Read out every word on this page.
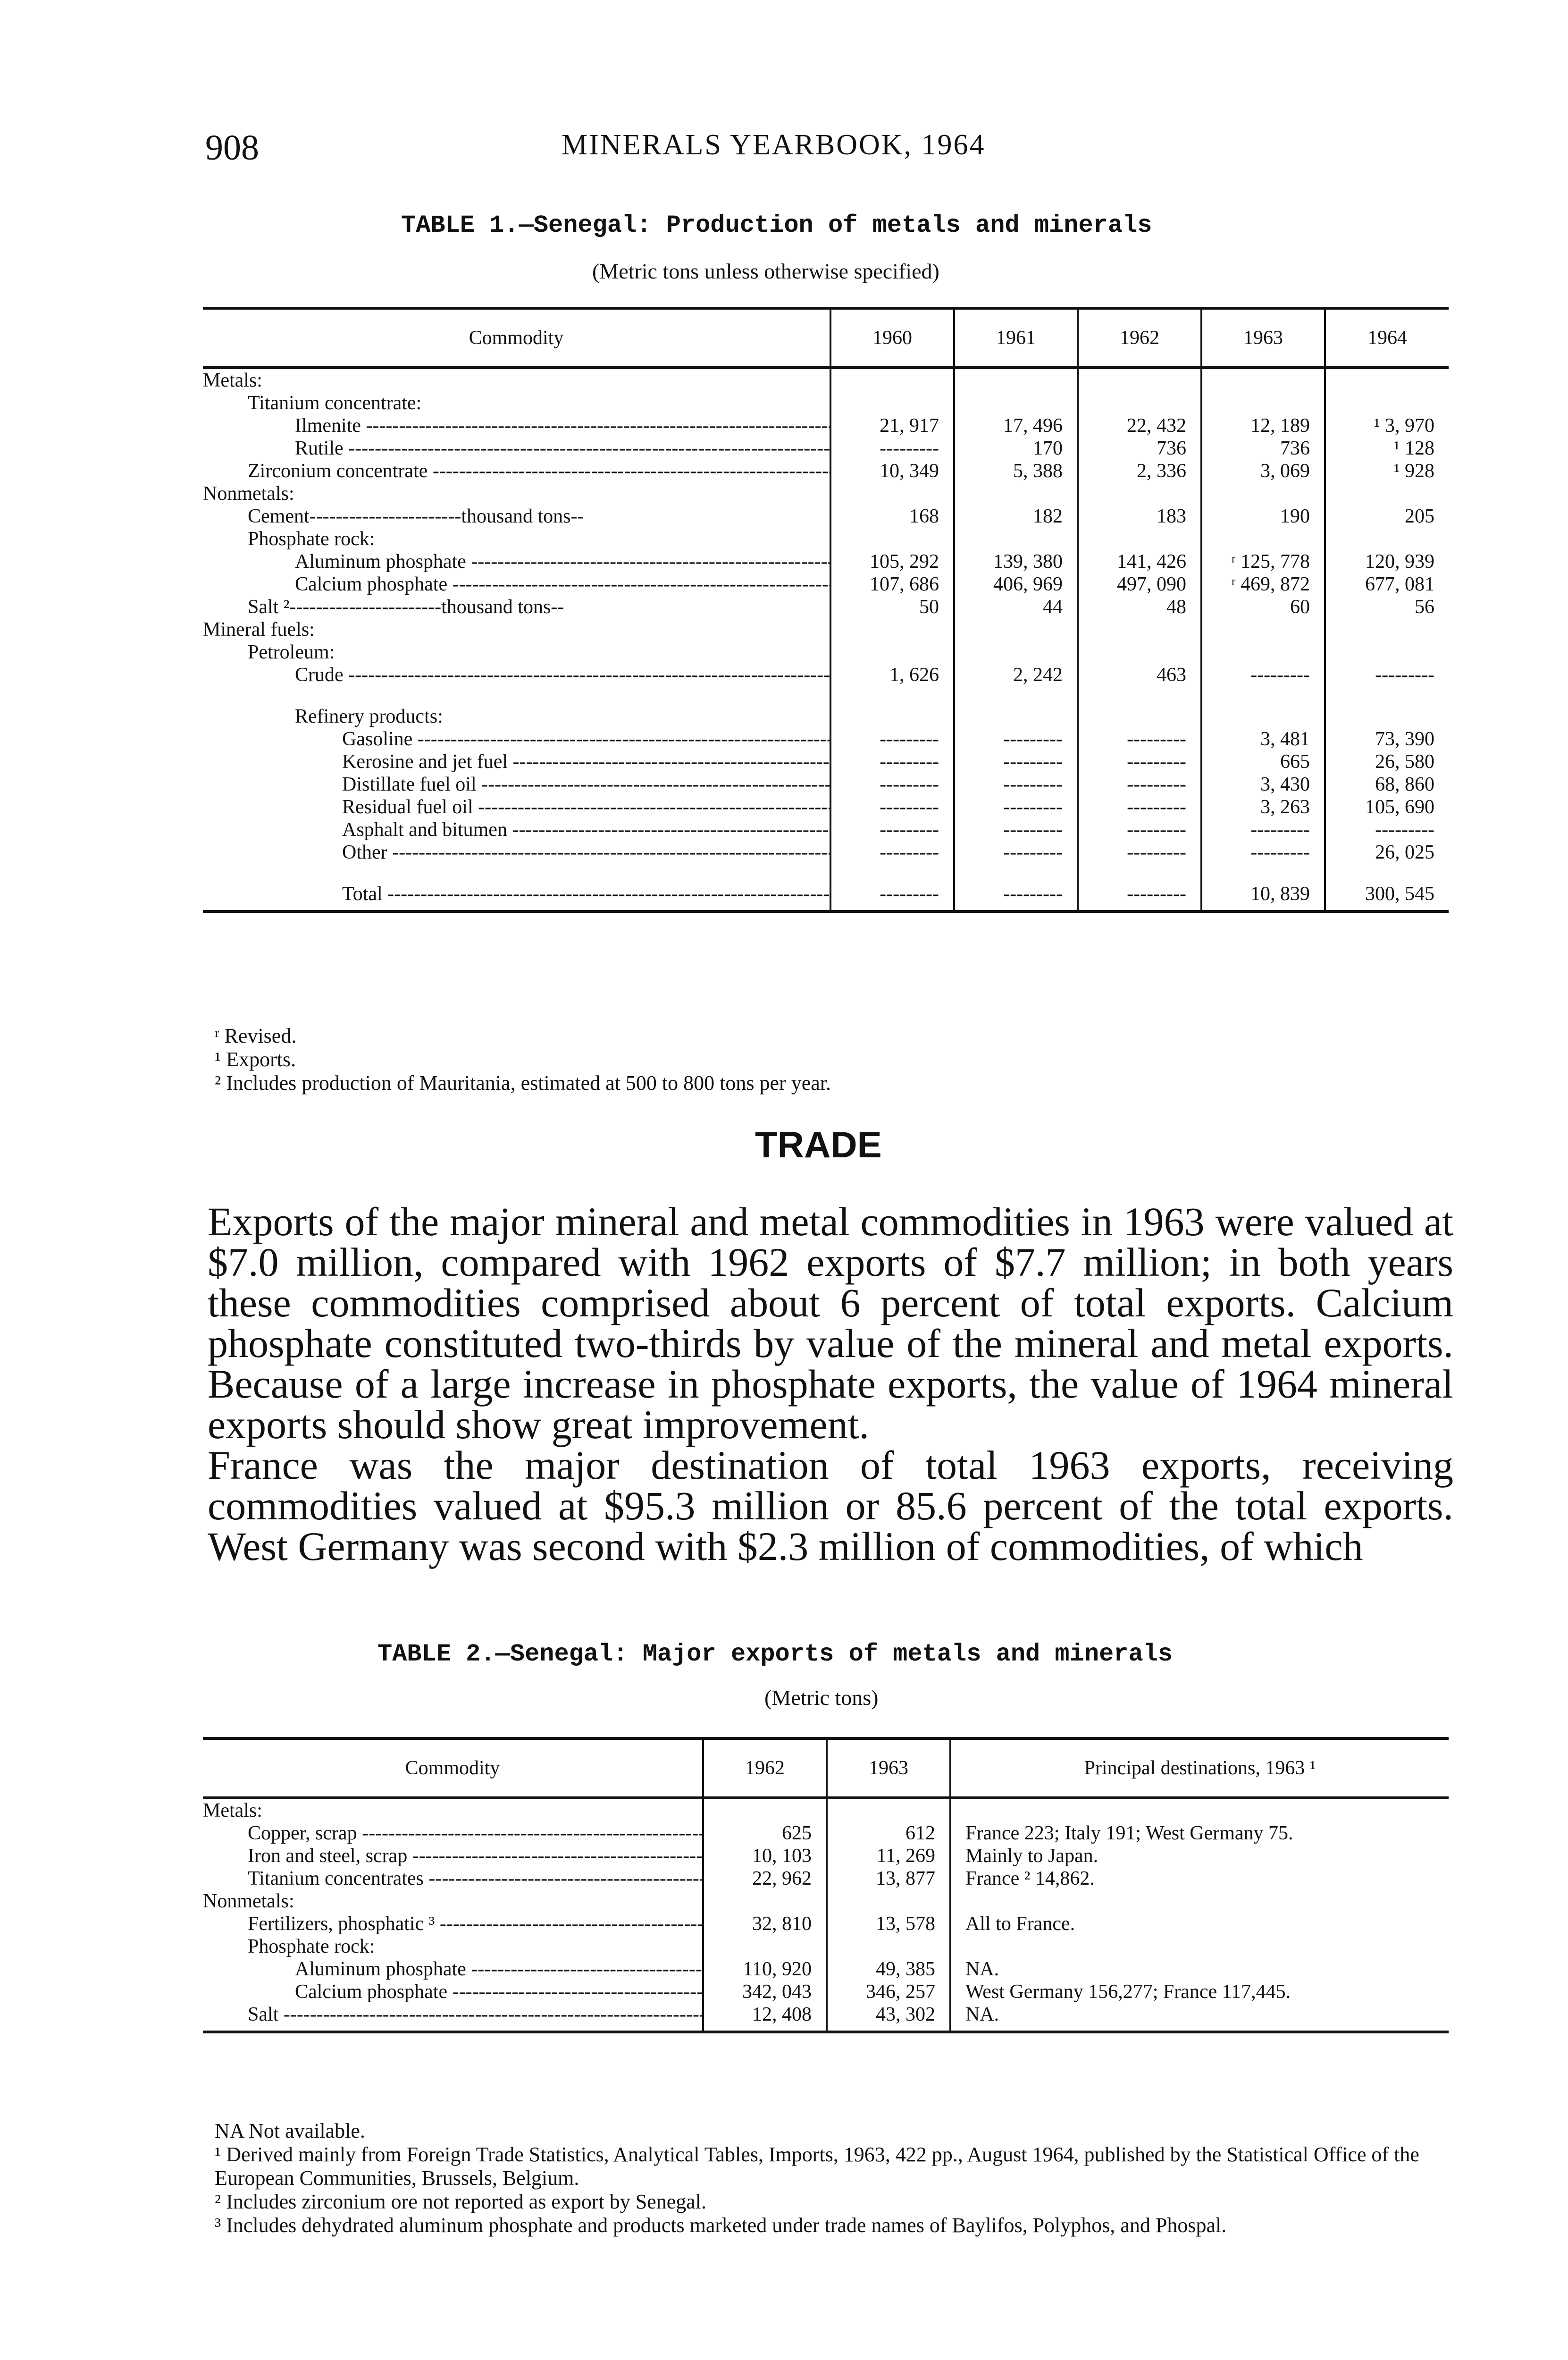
908	MINERALS YEARBOOK, 1964
TABLE 1.—Senegal: Production of metals and minerals
(Metric tons unless otherwise specified)
Commodity	1960	1961	1962	1963	1964
Metals:					
Titanium concentrate:					
Ilmenite -----	21, 917	17, 496	22, 432	12, 189	¹ 3, 970
Rutile -----	---------	170	736	736	¹ 128
Zirconium concentrate -----	10, 349	5, 388	2, 336	3, 069	¹ 928
Nonmetals:					
Cement-----------------------thousand tons--	168	182	183	190	205
Phosphate rock:					
Aluminum phosphate -----	105, 292	139, 380	141, 426	ʳ 125, 778	120, 939
Calcium phosphate -----	107, 686	406, 969	497, 090	ʳ 469, 872	677, 081
Salt ²-----------------------thousand tons--	50	44	48	60	56
Mineral fuels:					
Petroleum:					
Crude -----	1, 626	2, 242	463	---------	---------

Refinery products:					
Gasoline -----	---------	---------	---------	3, 481	73, 390
Kerosine and jet fuel -----	---------	---------	---------	665	26, 580
Distillate fuel oil -----	---------	---------	---------	3, 430	68, 860
Residual fuel oil -----	---------	---------	---------	3, 263	105, 690
Asphalt and bitumen -----	---------	---------	---------	---------	---------
Other -----	---------	---------	---------	---------	26, 025

Total -----	---------	---------	---------	10, 839	300, 545
ʳ Revised.
¹ Exports.
² Includes production of Mauritania, estimated at 500 to 800 tons per year.
TRADE

Exports of the major mineral and metal commodities in 1963 were valued at $7.0 million, compared with 1962 exports of $7.7 million; in both years these commodities comprised about 6 percent of total exports. Calcium phosphate constituted two-thirds by value of the mineral and metal exports. Because of a large increase in phosphate exports, the value of 1964 mineral exports should show great improvement.

France was the major destination of total 1963 exports, receiving commodities valued at $95.3 million or 85.6 percent of the total exports. West Germany was second with $2.3 million of commodities, of which

TABLE 2.—Senegal: Major exports of metals and minerals
(Metric tons)
Commodity	1962	1963	Principal destinations, 1963 ¹
Metals:			
Copper, scrap -----	625	612	France 223; Italy 191; West Germany 75.
Iron and steel, scrap -----	10, 103	11, 269	Mainly to Japan.
Titanium concentrates -----	22, 962	13, 877	France ² 14,862.
Nonmetals:			
Fertilizers, phosphatic ³ -----	32, 810	13, 578	All to France.
Phosphate rock:			
Aluminum phosphate -----	110, 920	49, 385	NA.
Calcium phosphate -----	342, 043	346, 257	West Germany 156,277; France 117,445.
Salt -----	12, 408	43, 302	NA.
NA Not available.
¹ Derived mainly from Foreign Trade Statistics, Analytical Tables, Imports, 1963, 422 pp., August 1964, published by the Statistical Office of the European Communities, Brussels, Belgium.
² Includes zirconium ore not reported as export by Senegal.
³ Includes dehydrated aluminum phosphate and products marketed under trade names of Baylifos, Polyphos, and Phospal.
